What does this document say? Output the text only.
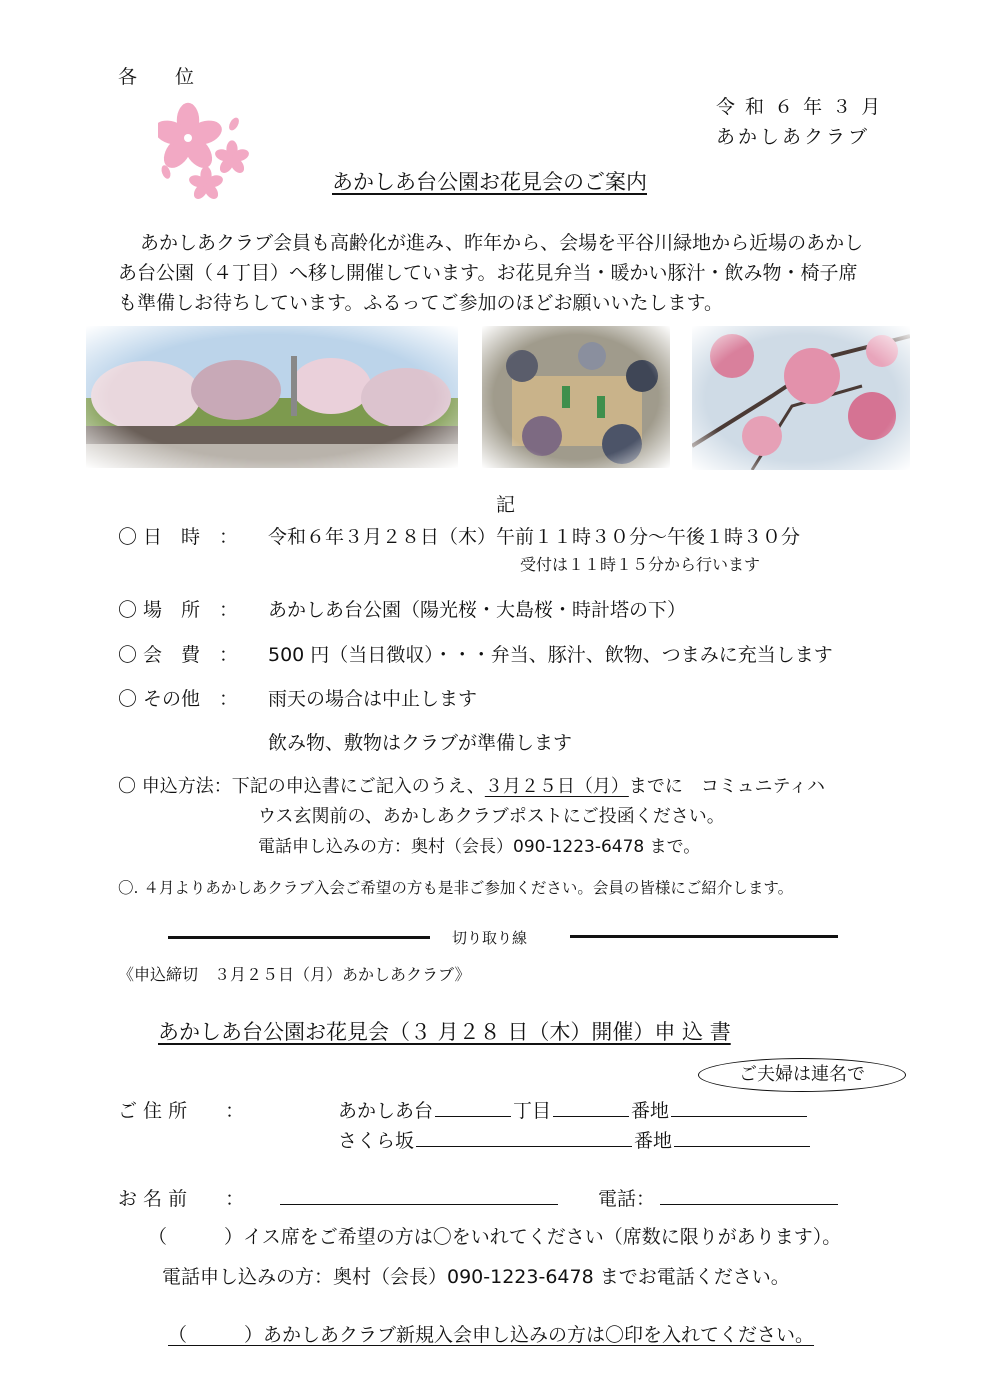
各　　位
令 和 ６ 年 ３ 月
あかしあクラブ
あかしあ台公園お花見会のご案内
あかしあクラブ会員も高齢化が進み、昨年から、会場を平谷川緑地から近場のあかし
あ台公園（４丁目）へ移し開催しています。お花見弁当・暖かい豚汁・飲み物・椅子席
も準備しお待ちしています。ふるってご参加のほどお願いいたします。
記
〇 日　時　： 令和６年３月２８日（木）午前１１時３０分〜午後１時３０分
受付は１１時１５分から行います
〇 場　所　： あかしあ台公園（陽光桜・大島桜・時計塔の下）
〇 会　費　： 500 円（当日徴収）・・・弁当、豚汁、飲物、つまみに充当します
〇 その他　： 雨天の場合は中止します
飲み物、敷物はクラブが準備します
〇 申込方法：下記の申込書にご記入のうえ、３月２５日（月）までに　コミュニティハ
ウス玄関前の、あかしあクラブポストにご投函ください。
電話申し込みの方：奥村（会長）090-1223-6478 まで。
〇. ４月よりあかしあクラブ入会ご希望の方も是非ご参加ください。会員の皆様にご紹介します。
切り取り線
《申込締切　３月２５日（月）あかしあクラブ》
あかしあ台公園お花見会（３ 月２８ 日（木）開催）申 込 書
ご夫婦は連名で
ご 住 所　　：	あかしあ台	丁目	番地
さくら坂	番地
お 名 前　　：	電話：
（　　　）イス席をご希望の方は〇をいれてください（席数に限りがあります）。
電話申し込みの方：奥村（会長）090-1223-6478 までお電話ください。
（　　　）あかしあクラブ新規入会申し込みの方は〇印を入れてください。
